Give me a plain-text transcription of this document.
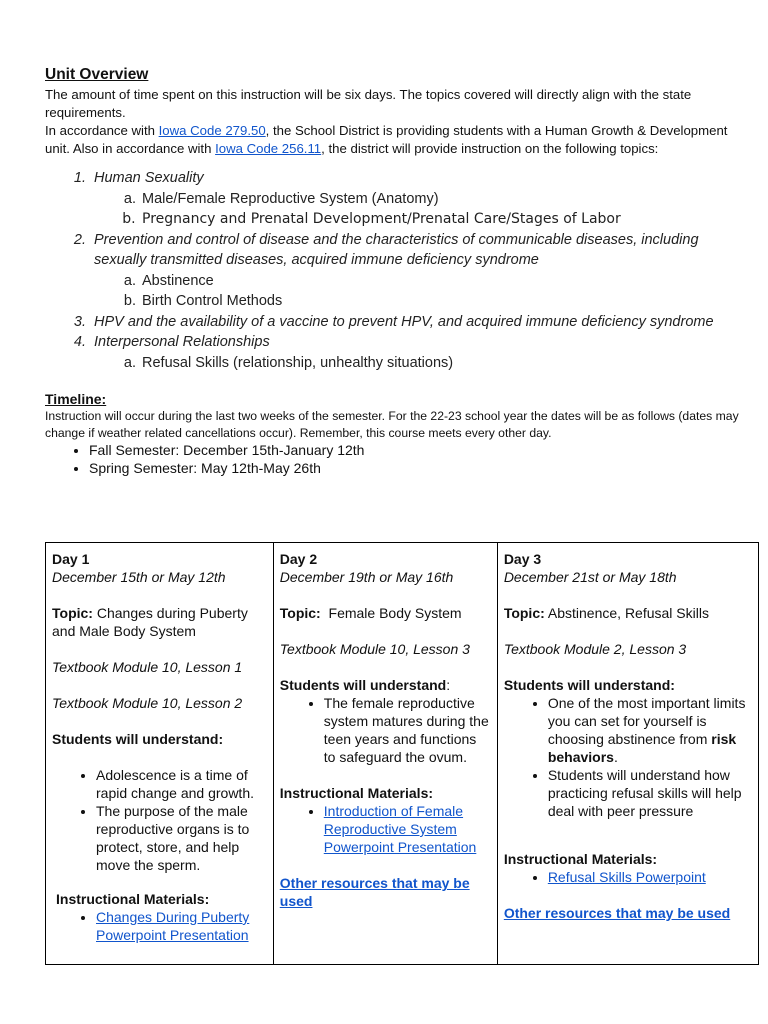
Unit Overview

The amount of time spent on this instruction will be six days. The topics covered will directly align with the state requirements.

In accordance with Iowa Code 279.50, the School District is providing students with a Human Growth & Development unit. Also in accordance with Iowa Code 256.11, the district will provide instruction on the following topics:

1. Human Sexuality
a. Male/Female Reproductive System (Anatomy)
b. Pregnancy and Prenatal Development/Prenatal Care/Stages of Labor
2. Prevention and control of disease and the characteristics of communicable diseases, including sexually transmitted diseases, acquired immune deficiency syndrome
a. Abstinence
b. Birth Control Methods
3. HPV and the availability of a vaccine to prevent HPV, and acquired immune deficiency syndrome
4. Interpersonal Relationships
a. Refusal Skills (relationship, unhealthy situations)
Timeline:

Instruction will occur during the last two weeks of the semester. For the 22-23 school year the dates will be as follows (dates may change if weather related cancellations occur). Remember, this course meets every other day.

• Fall Semester: December 15th-January 12th
• Spring Semester: May 12th-May 26th
Day 1
December 15th or May 12th
Topic: Changes during Puberty and Male Body System
Textbook Module 10, Lesson 1
Textbook Module 10, Lesson 2
Students will understand:
• Adolescence is a time of rapid change and growth.
• The purpose of the male reproductive organs is to protect, store, and help move the sperm.
Instructional Materials:
• Changes During Puberty Powerpoint Presentation

Day 2
December 19th or May 16th
Topic:  Female Body System
Textbook Module 10, Lesson 3
Students will understand:
• The female reproductive system matures during the teen years and functions to safeguard the ovum.
Instructional Materials:
• Introduction of Female Reproductive System Powerpoint Presentation
Other resources that may be used	
Day 3
December 21st or May 18th
Topic: Abstinence, Refusal Skills
Textbook Module 2, Lesson 3
Students will understand:
• One of the most important limits you can set for yourself is choosing abstinence from risk behaviors.
• Students will understand how practicing refusal skills will help deal with peer pressure
Instructional Materials:
• Refusal Skills Powerpoint
Other resources that may be used
